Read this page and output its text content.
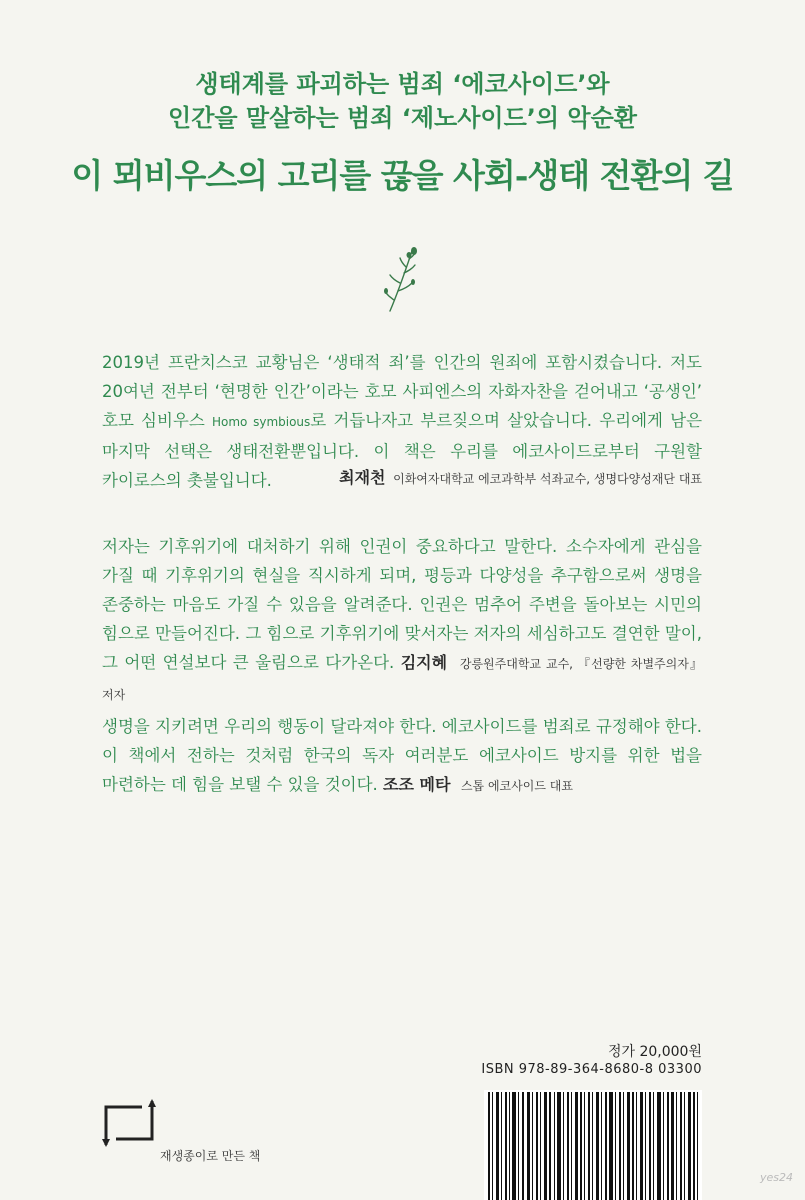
생태계를 파괴하는 범죄 ‘에코사이드’와
인간을 말살하는 범죄 ‘제노사이드’의 악순환
이 뫼비우스의 고리를 끊을 사회-생태 전환의 길
2019년 프란치스코 교황님은 ‘생태적 죄’를 인간의 원죄에 포함시켰습니다. 저도 20여년 전부터 ‘현명한 인간’이라는 호모 사피엔스의 자화자찬을 걷어내고 ‘공생인’ 호모 심비우스 Homo symbious로 거듭나자고 부르짖으며 살았습니다. 우리에게 남은 마지막 선택은 생태전환뿐입니다. 이 책은 우리를 에코사이드로부터 구원할 카이로스의 촛불입니다.	최재천 이화여자대학교 에코과학부 석좌교수, 생명다양성재단 대표
저자는 기후위기에 대처하기 위해 인권이 중요하다고 말한다. 소수자에게 관심을 가질 때 기후위기의 현실을 직시하게 되며, 평등과 다양성을 추구함으로써 생명을 존중하는 마음도 가질 수 있음을 알려준다. 인권은 멈추어 주변을 돌아보는 시민의 힘으로 만들어진다. 그 힘으로 기후위기에 맞서자는 저자의 세심하고도 결연한 말이, 그 어떤 연설보다 큰 울림으로 다가온다. 김지혜 강릉원주대학교 교수, 『선량한 차별주의자』 저자
생명을 지키려면 우리의 행동이 달라져야 한다. 에코사이드를 범죄로 규정해야 한다. 이 책에서 전하는 것처럼 한국의 독자 여러분도 에코사이드 방지를 위한 법을 마련하는 데 힘을 보탤 수 있을 것이다. 조조 메타 스톱 에코사이드 대표
정가 20,000원
ISBN 978-89-364-8680-8 03300
재생종이로 만든 책
yes24
